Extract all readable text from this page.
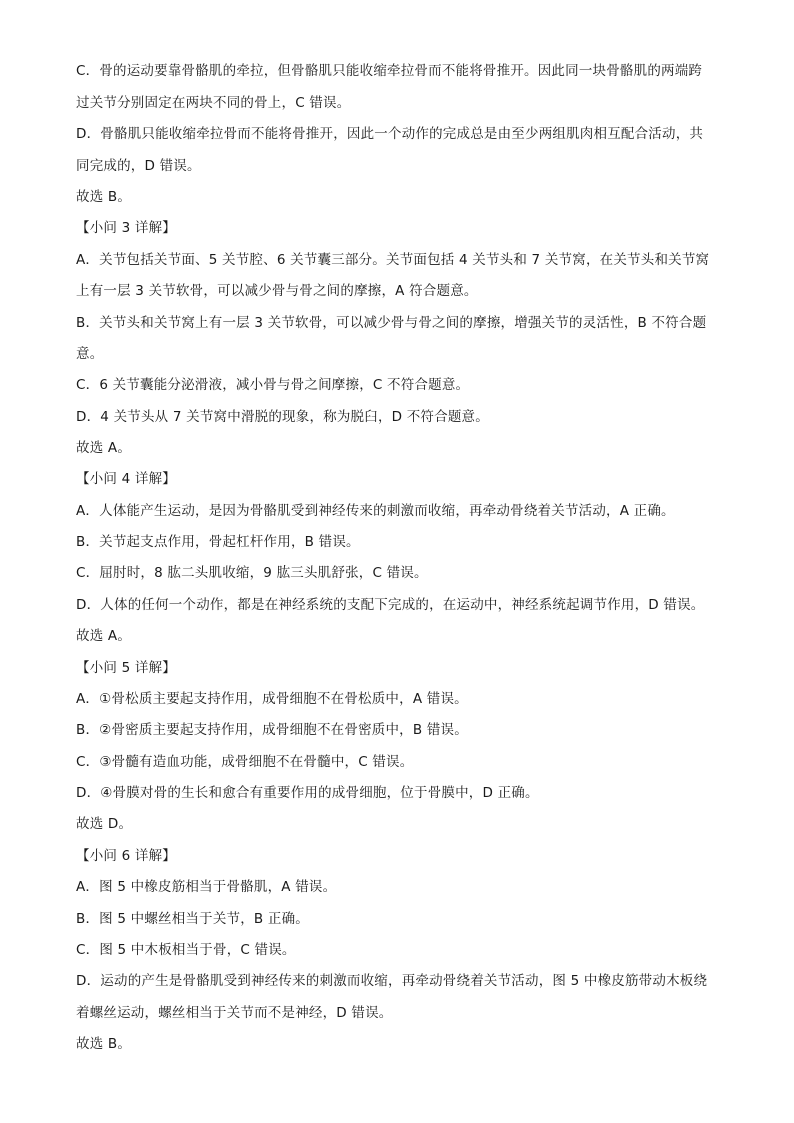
C．骨的运动要靠骨骼肌的牵拉，但骨骼肌只能收缩牵拉骨而不能将骨推开。因此同一块骨骼肌的两端跨
过关节分别固定在两块不同的骨上，C 错误。
D．骨骼肌只能收缩牵拉骨而不能将骨推开，因此一个动作的完成总是由至少两组肌肉相互配合活动，共
同完成的，D 错误。
故选 B。
【小问 3 详解】
A．关节包括关节面、5 关节腔、6 关节囊三部分。关节面包括 4 关节头和 7 关节窝，在关节头和关节窝
上有一层 3 关节软骨，可以减少骨与骨之间的摩擦，A 符合题意。
B．关节头和关节窝上有一层 3 关节软骨，可以减少骨与骨之间的摩擦，增强关节的灵活性，B 不符合题
意。
C．6 关节囊能分泌滑液，减小骨与骨之间摩擦，C 不符合题意。
D．4 关节头从 7 关节窝中滑脱的现象，称为脱臼，D 不符合题意。
故选 A。
【小问 4 详解】
A．人体能产生运动，是因为骨骼肌受到神经传来的刺激而收缩，再牵动骨绕着关节活动，A 正确。
B．关节起支点作用，骨起杠杆作用，B 错误。
C．屈肘时，8 肱二头肌收缩，9 肱三头肌舒张，C 错误。
D．人体的任何一个动作，都是在神经系统的支配下完成的，在运动中，神经系统起调节作用，D 错误。
故选 A。
【小问 5 详解】
A．①骨松质主要起支持作用，成骨细胞不在骨松质中，A 错误。
B．②骨密质主要起支持作用，成骨细胞不在骨密质中，B 错误。
C．③骨髓有造血功能，成骨细胞不在骨髓中，C 错误。
D．④骨膜对骨的生长和愈合有重要作用的成骨细胞，位于骨膜中，D 正确。
故选 D。
【小问 6 详解】
A．图 5 中橡皮筋相当于骨骼肌，A 错误。
B．图 5 中螺丝相当于关节，B 正确。
C．图 5 中木板相当于骨，C 错误。
D．运动的产生是骨骼肌受到神经传来的刺激而收缩，再牵动骨绕着关节活动，图 5 中橡皮筋带动木板绕
着螺丝运动，螺丝相当于关节而不是神经，D 错误。
故选 B。
